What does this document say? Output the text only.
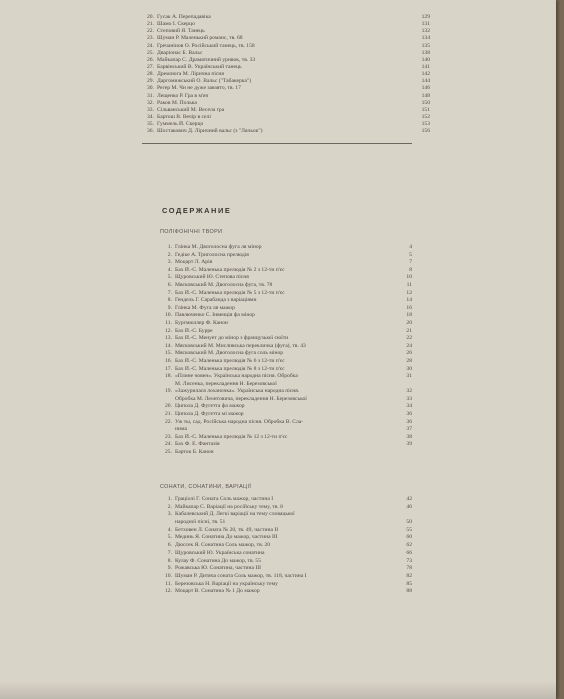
20. Гусак А. Перепадавіка	129
21. Шамо І. Скерцо	131
22. Степовий Я. Танець	132
23. Шуман Р. Маленький романс, тв. 68	134
24. Гречанінов О. Російський танець, тв. 158	135
25. Дваріонас Б. Вальс	138
26. Майкапар С. Драматичний уривок, тв. 33	140
27. Барвінський В. Український танець	141
28. Дремлюга М. Лірична пісня	142
29. Даргомижський О. Вальс ("Табакерка")	144
30. Регер М. Чи не дуже завзято, тв. 17	146
31. Лещенко Р. Гра в м'яч	148
32. Раков М. Полька	150
33. Сільванський М. Весела гра	151
34. Бартош В. Вечір в селі	152
35. Гуммель Й. Скерцо	153
36. Шостакович Д. Ліричний вальс (з "Ляльок")	156
СОДЕРЖАНИЕ
ПОЛІФОНІЧНІ ТВОРИ
1. Глінка М. Двоголосна фуга ля мінор	4
2. Гедіке А. Триголосна прелюдія	5
3. Моцарт Л. Арія	7
4. Бах Й.-С. Маленька прелюдія № 2 з 12-ти п'єс	8
5. Щуровський Ю. Степова пісня	10
6. Мясковський М. Двоголосна фуга, тв. 78	11
7. Бах Й.-С. Маленька прелюдія № 5 з 12-ти п'єс	12
8. Гендель Г. Сарабанда з варіаціями	14
9. Глінка М. Фуга ля мажор	16
10. Павлюченко С. Інвенція фа мінор	18
11. Бургмюллер Ф. Канон	20
12. Бах Й.-С. Бурре	21
13. Бах Й.-С. Менует до мінор з французької сюїти	22
14. Мясковський М. Мисливська перекличка (фуга), тв. 43	24
15. Мясковський М. Двоголосна фуга соль мінор	26
16. Бах Й.-С. Маленька прелюдія № 6 з 12-ти п'єс	28
17. Бах Й.-С. Маленька прелюдія № 8 з 12-ти п'єс	30
18. «Плине човен». Українська народна пісня. Обробка	31
М. Лисенка, перекладення Н. Березовської
19. «Зажурилася лоханочка». Українська народна пісня.	32
Обробка М. Леонтовича, перекладення Н. Березовської	33
20. Ципола Д. Фугетта фа мажор	34
21. Ципола Д. Фугетта мі мажор	36
22. Уж ты, сад. Російська народна пісня. Обробка В. Сла-	36
нима	37
23. Бах Й.-С. Маленька прелюдія № 12 з 12-ти п'єс	38
24. Бах Ф. Е. Фантазія	39
25. Барток Б. Канон
СОНАТИ, СОНАТИНИ, ВАРІАЦІЇ
1. Граціолі Г. Соната Соль мажор, частина I	42
2. Майкапар С. Варіації на російську тему, тв. 8	46
3. Кабалевський Д. Легкі варіації на тему словацької
народної пісні, тв. 51	50
4. Бетховен Л. Соната № 20, тв. 49, частина II	55
5. Мединь Я. Сонатина До мажор, частина III	60
6. Дюссек Я. Сонатина Соль мажор, тв. 20	62
7. Щуровський Ю. Українська сонатина	66
8. Кулау Ф. Сонатина До мажор, тв. 55	73
9. Рожавська Ю. Сонатина, частина III	78
10. Шуман Р. Дитяча соната Соль мажор, тв. 118, частина I	82
11. Березовська Н. Варіації на українську тему	85
12. Моцарт В. Сонатина № 1 До мажор	88
